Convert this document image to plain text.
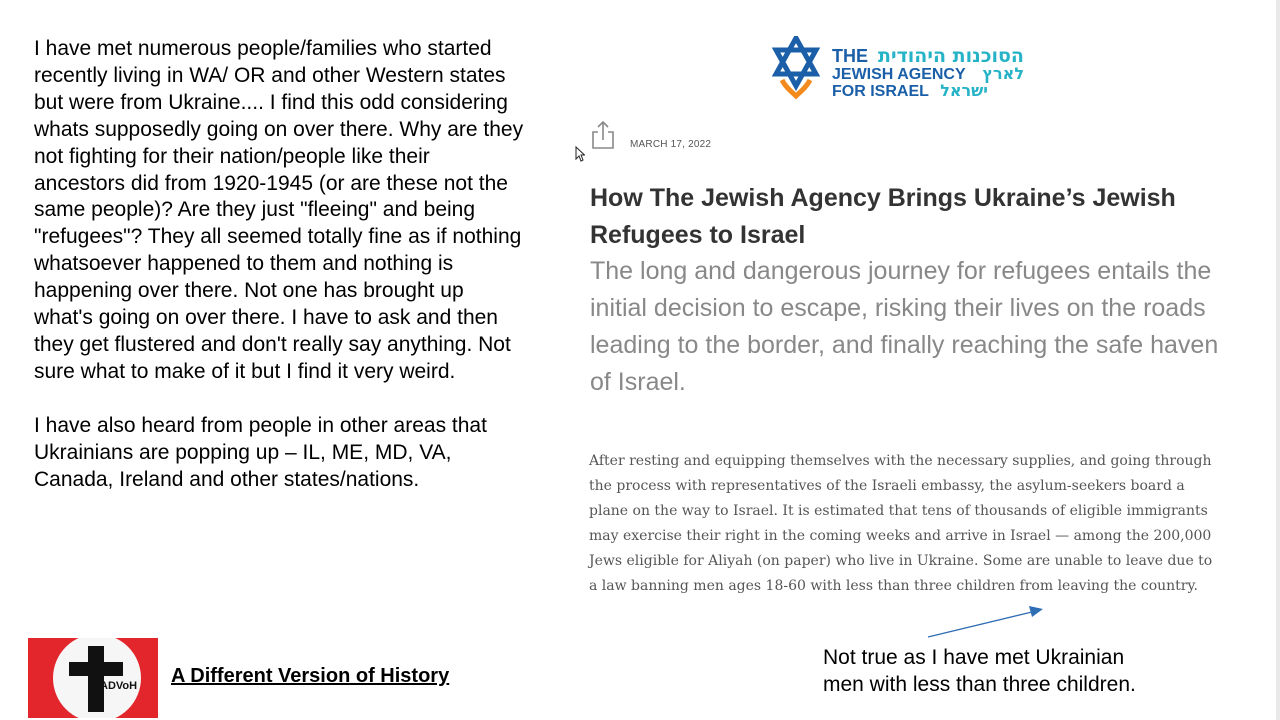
I have met numerous people/families who started recently living in WA/ OR and other Western states but were from Ukraine.... I find this odd considering whats supposedly going on over there. Why are they not fighting for their nation/people like their ancestors did from 1920-1945 (or are these not the same people)? Are they just "fleeing" and being "refugees"? They all seemed totally fine as if nothing whatsoever happened to them and nothing is happening over there. Not one has brought up what's going on over there. I have to ask and then they get flustered and don't really say anything. Not sure what to make of it but I find it very weird.

I have also heard from people in other areas that Ukrainians are popping up – IL, ME, MD, VA, Canada, Ireland and other states/nations.

ADVoH A Different Version of History
THE
JEWISH AGENCY
FOR ISRAEL
הסוכנות היהודית
לארץ
ישראל
MARCH 17, 2022
How The Jewish Agency Brings Ukraine’s Jewish Refugees to Israel
The long and dangerous journey for refugees entails the initial decision to escape, risking their lives on the roads leading to the border, and finally reaching the safe haven of Israel.
After resting and equipping themselves with the necessary supplies, and going through the process with representatives of the Israeli embassy, the asylum-seekers board a plane on the way to Israel. It is estimated that tens of thousands of eligible immigrants may exercise their right in the coming weeks and arrive in Israel — among the 200,000 Jews eligible for Aliyah (on paper) who live in Ukraine. Some are unable to leave due to a law banning men ages 18-60 with less than three children from leaving the country.
Not true as I have met Ukrainian
men with less than three children.
